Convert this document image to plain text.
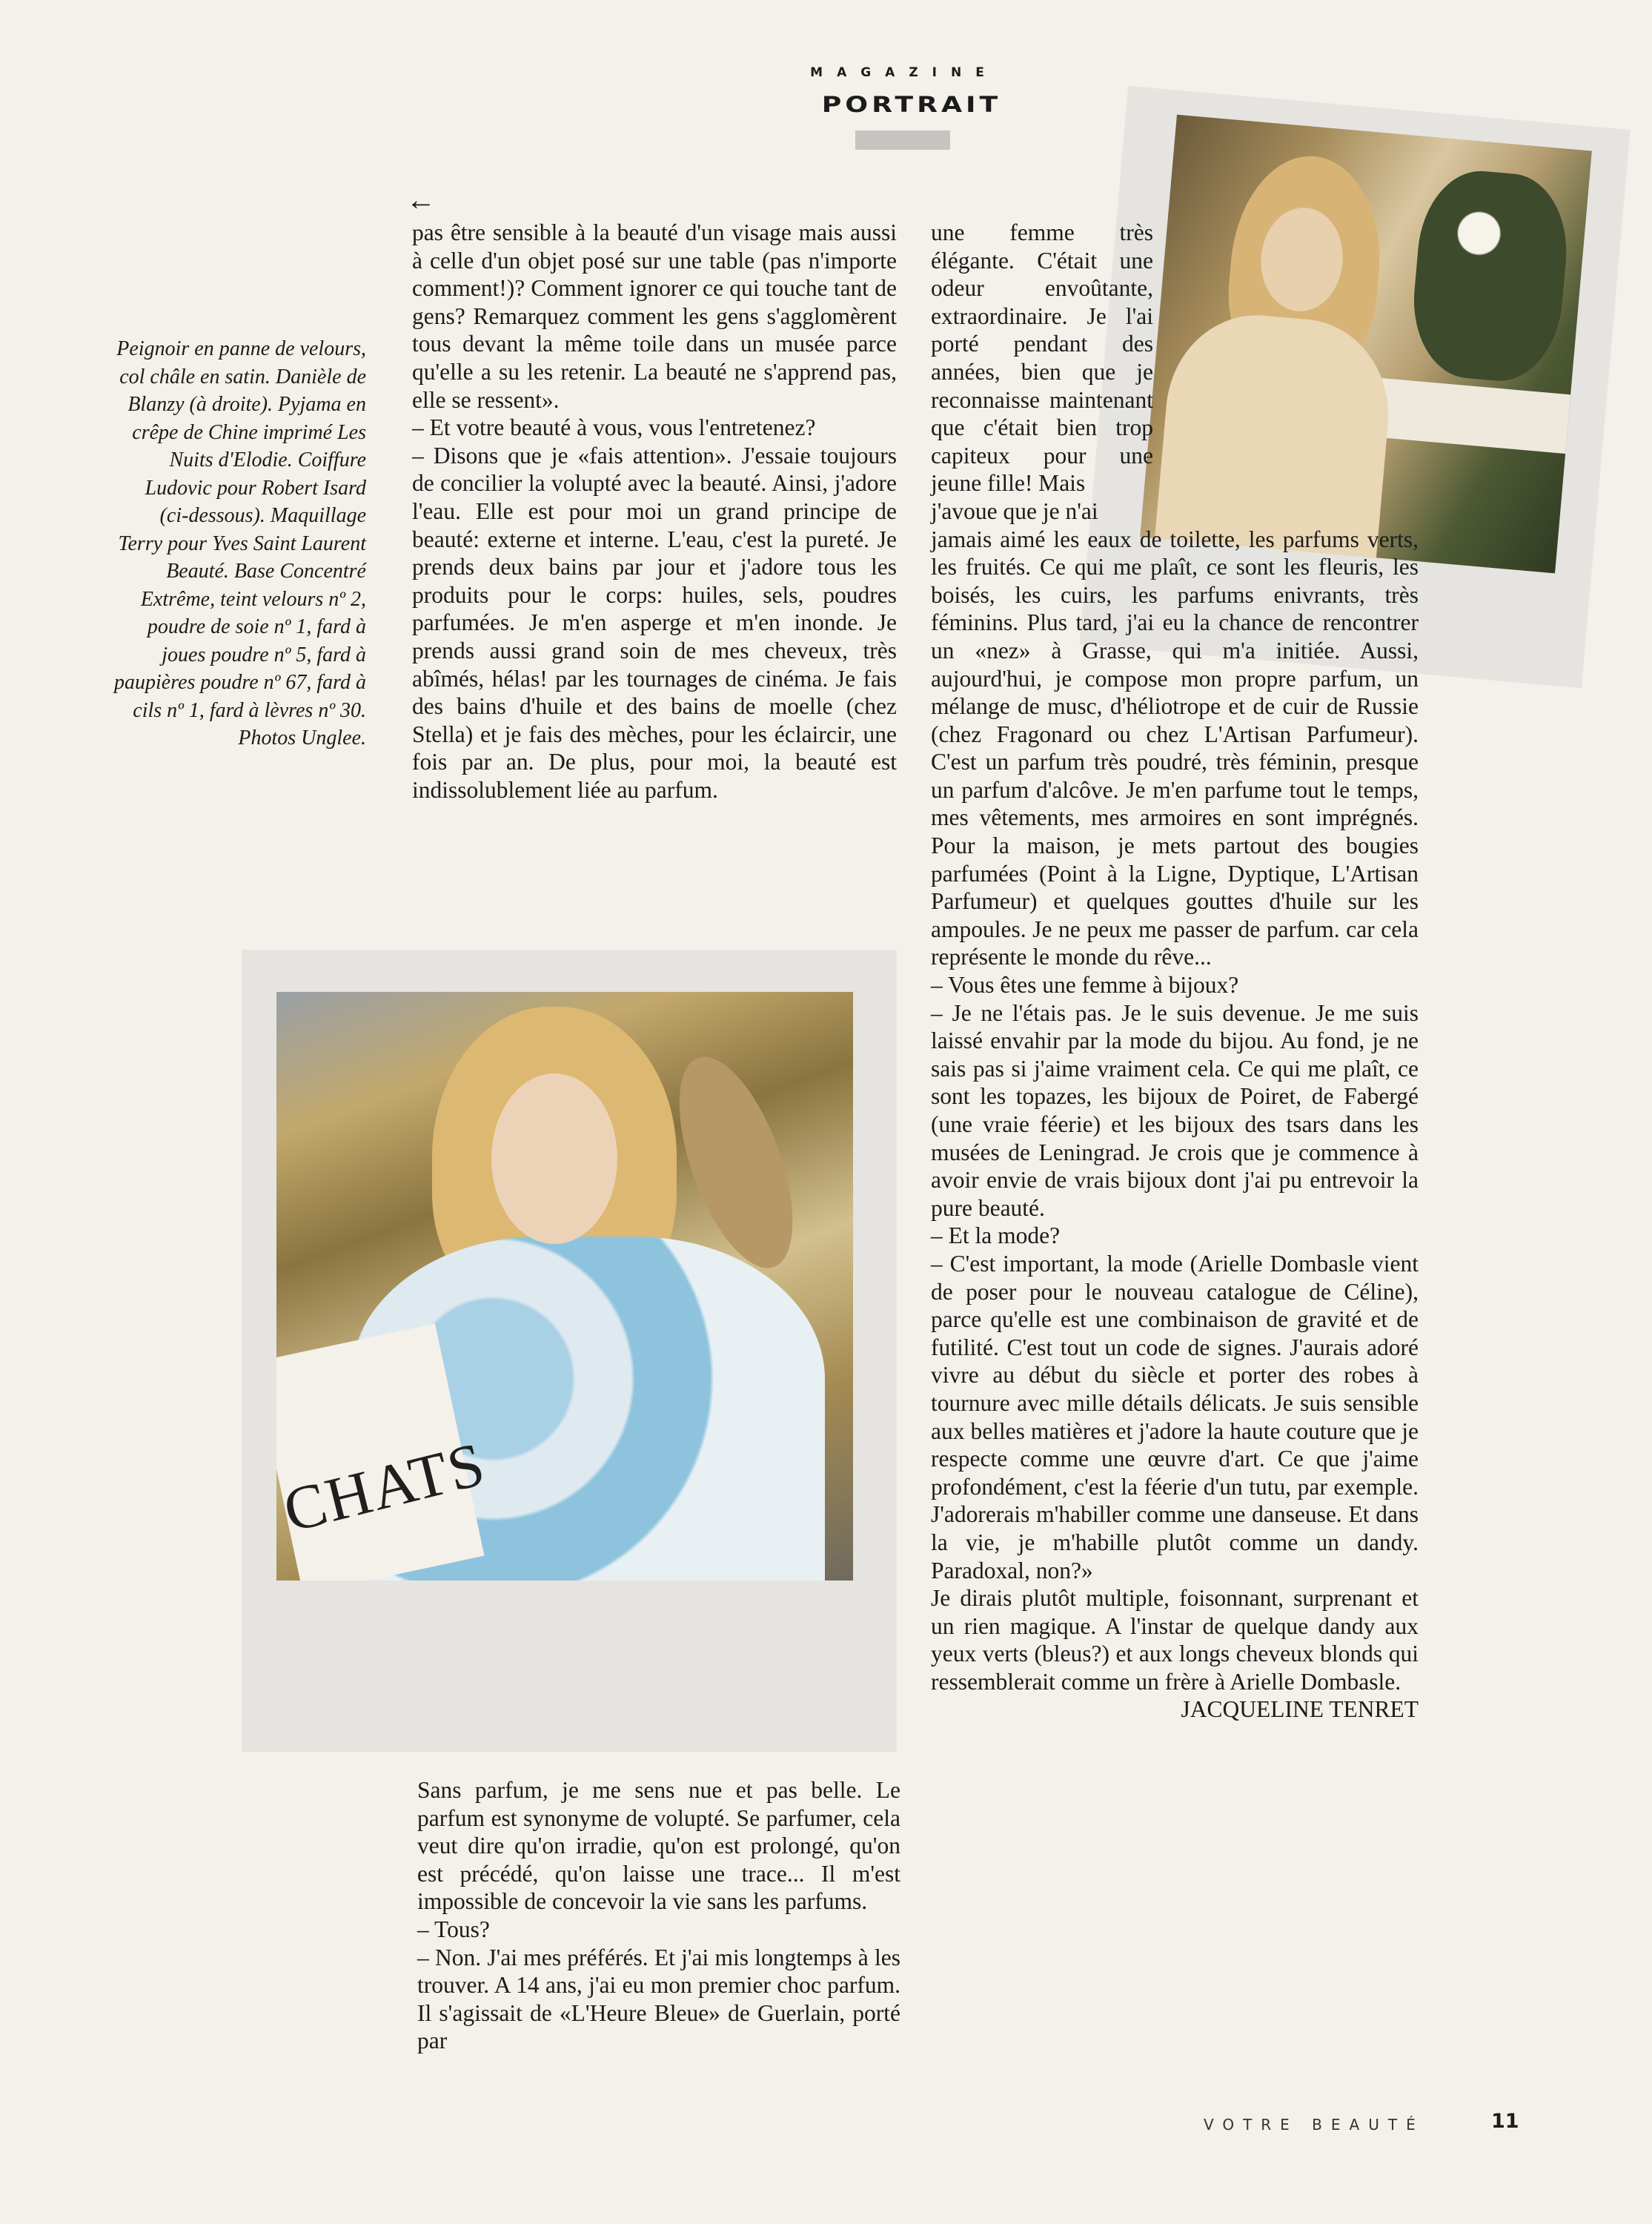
MAGAZINE
PORTRAIT
←
Peignoir en panne de velours, col châle en satin. Danièle de Blanzy (à droite). Pyjama en crêpe de Chine imprimé Les Nuits d'Elodie. Coiffure Ludovic pour Robert Isard (ci-dessous). Maquillage Terry pour Yves Saint Laurent Beauté. Base Concentré Extrême, teint velours nº 2, poudre de soie nº 1, fard à joues poudre nº 5, fard à paupières poudre nº 67, fard à cils nº 1, fard à lèvres nº 30. Photos Unglee.
CHATS

pas être sensible à la beauté d'un visage mais aussi à celle d'un objet posé sur une table (pas n'importe comment!)? Comment ignorer ce qui touche tant de gens? Remarquez comment les gens s'agglomèrent tous devant la même toile dans un musée parce qu'elle a su les retenir. La beauté ne s'apprend pas, elle se ressent».

– Et votre beauté à vous, vous l'entretenez?

– Disons que je «fais attention». J'essaie toujours de concilier la volupté avec la beauté. Ainsi, j'adore l'eau. Elle est pour moi un grand principe de beauté: externe et interne. L'eau, c'est la pureté. Je prends deux bains par jour et j'adore tous les produits pour le corps: huiles, sels, poudres parfumées. Je m'en asperge et m'en inonde. Je prends aussi grand soin de mes cheveux, très abîmés, hélas! par les tournages de cinéma. Je fais des bains d'huile et des bains de moelle (chez Stella) et je fais des mèches, pour les éclaircir, une fois par an. De plus, pour moi, la beauté est indissolublement liée au parfum.

Sans parfum, je me sens nue et pas belle. Le parfum est synonyme de volupté. Se parfumer, cela veut dire qu'on irradie, qu'on est prolongé, qu'on est précédé, qu'on laisse une trace... Il m'est impossible de concevoir la vie sans les parfums.

– Tous?

– Non. J'ai mes préférés. Et j'ai mis longtemps à les trouver. A 14 ans, j'ai eu mon premier choc parfum. Il s'agissait de «L'Heure Bleue» de Guerlain, porté par

une femme très élégante. C'était une odeur envoûtante, extraordinaire. Je l'ai porté pendant des années, bien que je reconnaisse maintenant que c'était bien trop capiteux pour une jeune fille! Mais

j'avoue que je n'ai

jamais aimé les eaux de toilette, les parfums verts, les fruités. Ce qui me plaît, ce sont les fleuris, les boisés, les cuirs, les parfums enivrants, très féminins. Plus tard, j'ai eu la chance de rencontrer un «nez» à Grasse, qui m'a initiée. Aussi, aujourd'hui, je compose mon propre parfum, un mélange de musc, d'héliotrope et de cuir de Russie (chez Fragonard ou chez L'Artisan Parfumeur). C'est un parfum très poudré, très féminin, presque un parfum d'alcôve. Je m'en parfume tout le temps, mes vêtements, mes armoires en sont imprégnés. Pour la maison, je mets partout des bougies parfumées (Point à la Ligne, Dyptique, L'Artisan Parfumeur) et quelques gouttes d'huile sur les ampoules. Je ne peux me passer de parfum. car cela représente le monde du rêve...

– Vous êtes une femme à bijoux?

– Je ne l'étais pas. Je le suis devenue. Je me suis laissé envahir par la mode du bijou. Au fond, je ne sais pas si j'aime vraiment cela. Ce qui me plaît, ce sont les topazes, les bijoux de Poiret, de Fabergé (une vraie féerie) et les bijoux des tsars dans les musées de Leningrad. Je crois que je commence à avoir envie de vrais bijoux dont j'ai pu entrevoir la pure beauté.

– Et la mode?

– C'est important, la mode (Arielle Dombasle vient de poser pour le nouveau catalogue de Céline), parce qu'elle est une combinaison de gravité et de futilité. C'est tout un code de signes. J'aurais adoré vivre au début du siècle et porter des robes à tournure avec mille détails délicats. Je suis sensible aux belles matières et j'adore la haute couture que je respecte comme une œuvre d'art. Ce que j'aime profondément, c'est la féerie d'un tutu, par exemple. J'adorerais m'habiller comme une danseuse. Et dans la vie, je m'habille plutôt comme un dandy. Paradoxal, non?»

Je dirais plutôt multiple, foisonnant, surprenant et un rien magique. A l'instar de quelque dandy aux yeux verts (bleus?) et aux longs cheveux blonds qui ressemblerait comme un frère à Arielle Dombasle.

JACQUELINE TENRET

VOTRE BEAUTÉ	11
